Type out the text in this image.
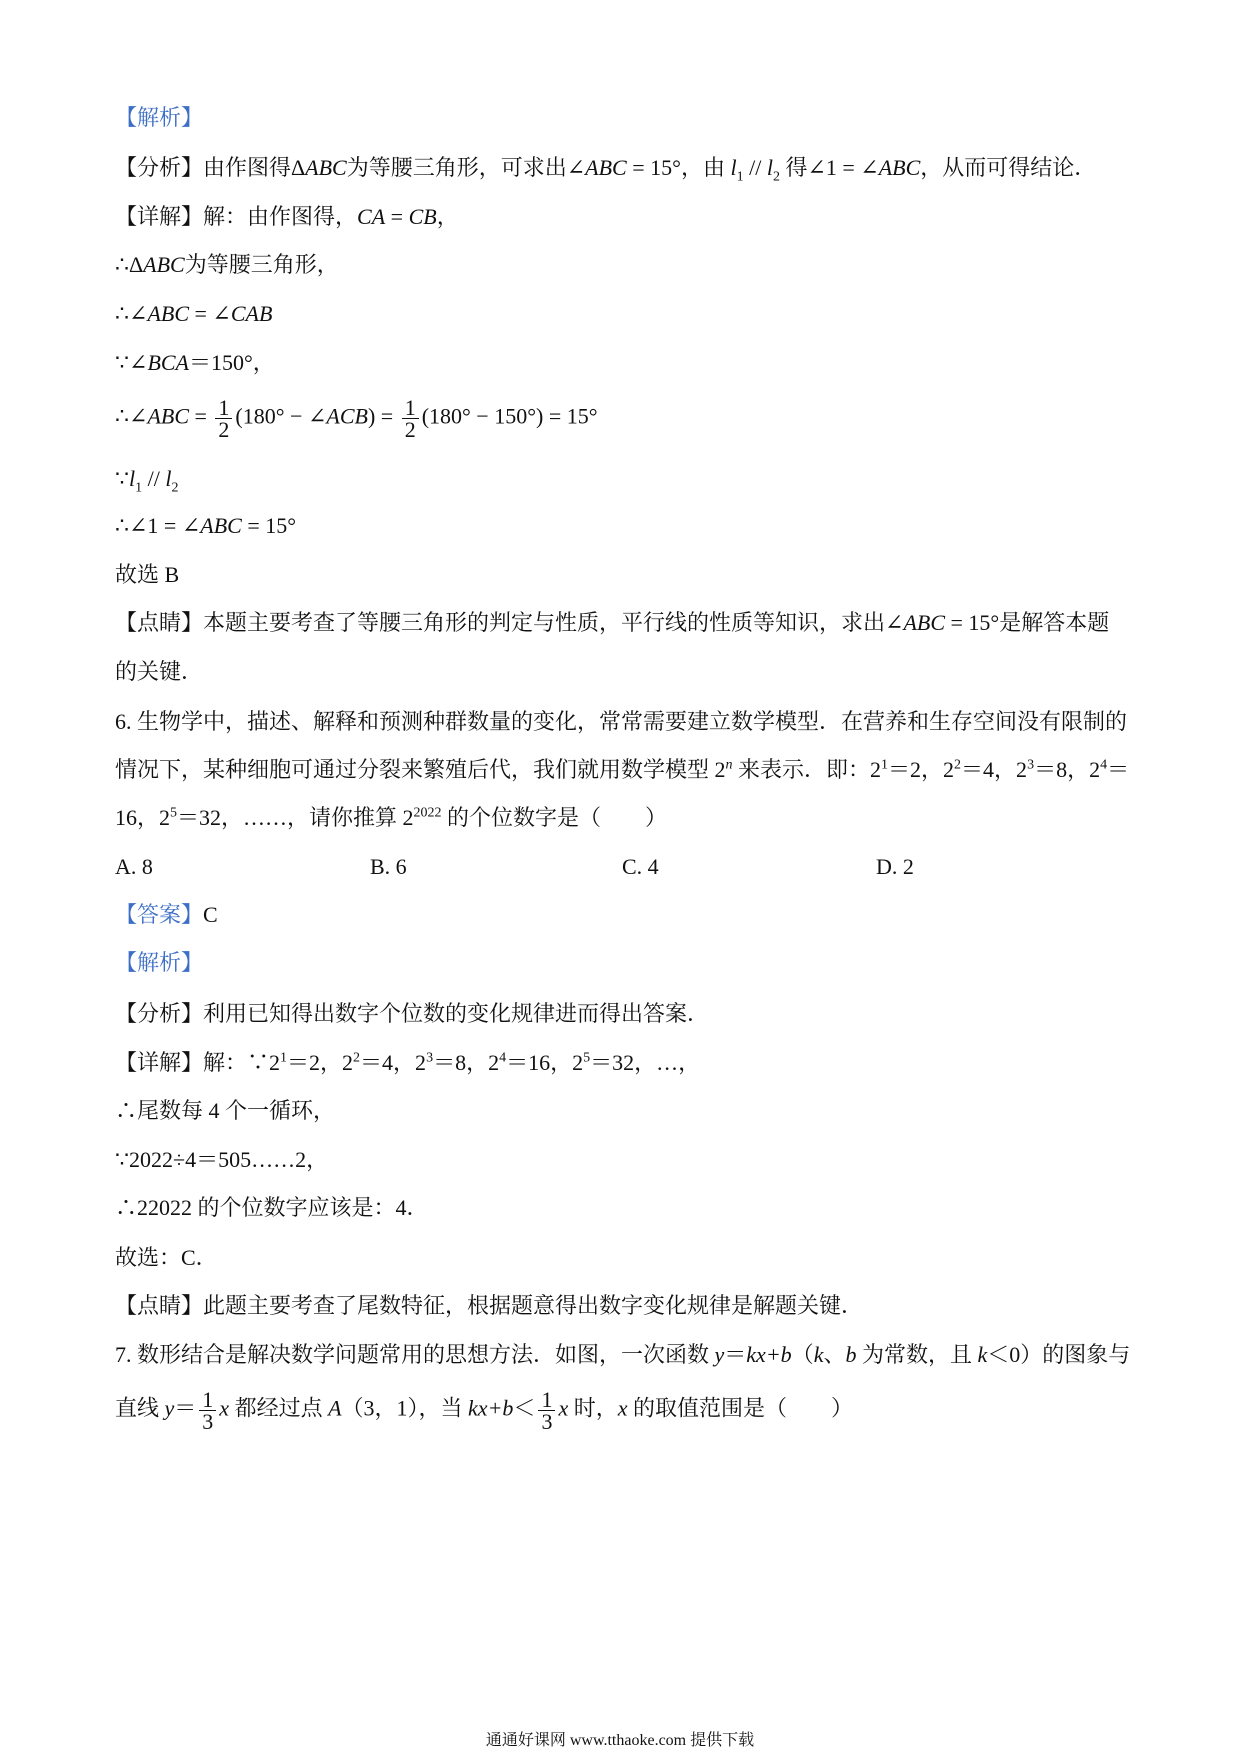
【解析】
【分析】由作图得ΔABC为等腰三角形，可求出∠ABC = 15°，由 $l_1 // l_2$ 得∠1 = ∠ABC，从而可得结论．
【详解】解：由作图得，CA = CB，
∴ΔABC为等腰三角形，
∴∠ABC = ∠CAB
∵∠BCA＝150°，
∴∠ABC = $\frac{1}{2} (180^\circ$ − ∠ACB) = $\frac{1}{2} (180^\circ - 150^\circ) = 15^\circ$
$\because l_1 // l_2$
∴∠1 = ∠ABC = 15°
故选 B
【点睛】本题主要考查了等腰三角形的判定与性质，平行线的性质等知识，求出∠ABC = 15°是解答本题
的关键．
6. 生物学中，描述、解释和预测种群数量的变化，常常需要建立数学模型．在营养和生存空间没有限制的
情况下，某种细胞可通过分裂来繁殖后代，我们就用数学模型 2$^n$ 来表示．即：$2^1=2$，$2^2=4$，$2^3=8$，$2^4=$
16，$2^5=32$，……，请你推算 $2^{2022}$ 的个位数字是（　　）
A. 8	B. 6	C. 4	D. 2
【答案】C
【解析】
【分析】利用已知得出数字个位数的变化规律进而得出答案．
【详解】解：$\because 2^1=2$，$2^2=4$，$2^3=8$，$2^4=16$，$2^5=32$，…，
∴尾数每 4 个一循环，
∵2022÷4＝505……2，
∴22022 的个位数字应该是：4．
故选：C．
【点睛】此题主要考查了尾数特征，根据题意得出数字变化规律是解题关键．
7. 数形结合是解决数学问题常用的思想方法．如图，一次函数 y＝kx+b（k、b 为常数，且 k＜0）的图象与
直线 $y= \frac{1}{3}$ x 都经过点 A（3，1），当 $kx+b< \frac{1}{3}$ x 时，x 的取值范围是（　　）
通通好课网 www.tthaoke.com 提供下载
